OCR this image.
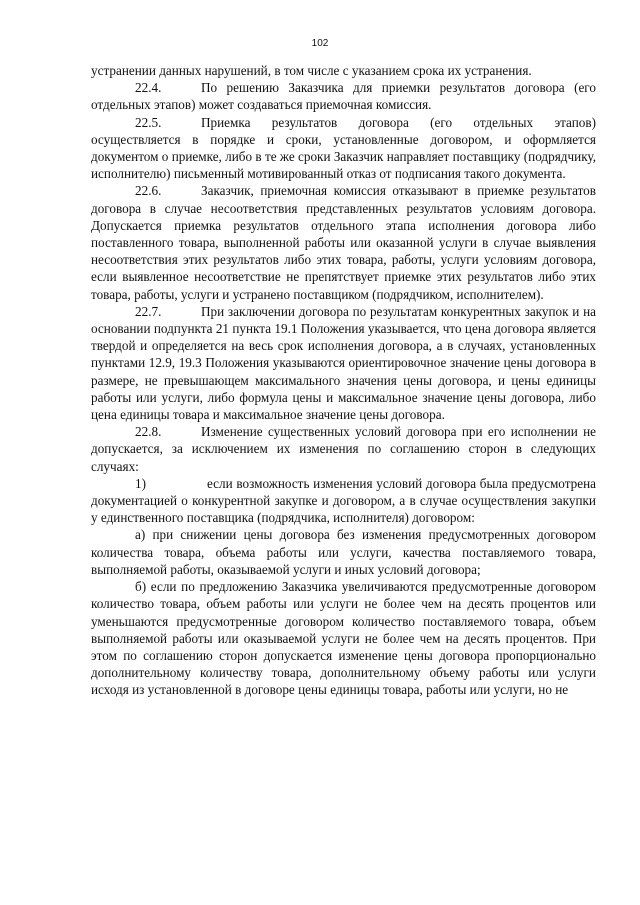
102

устранении данных нарушений, в том числе с указанием срока их устранения.

22.4.	По решению Заказчика для приемки результатов договора (его отдельных этапов) может создаваться приемочная комиссия.

22.5.	Приемка результатов договора (его отдельных этапов) осуществляется в порядке и сроки, установленные договором, и оформляется документом о приемке, либо в те же сроки Заказчик направляет поставщику (подрядчику, исполнителю) письменный мотивированный отказ от подписания такого документа.

22.6.	Заказчик, приемочная комиссия отказывают в приемке результатов договора в случае несоответствия представленных результатов условиям договора. Допускается приемка результатов отдельного этапа исполнения договора либо поставленного товара, выполненной работы или оказанной услуги в случае выявления несоответствия этих результатов либо этих товара, работы, услуги условиям договора, если выявленное несоответствие не препятствует приемке этих результатов либо этих товара, работы, услуги и устранено поставщиком (подрядчиком, исполнителем).

22.7.	При заключении договора по результатам конкурентных закупок и на основании подпункта 21 пункта 19.1 Положения указывается, что цена договора является твердой и определяется на весь срок исполнения договора, а в случаях, установленных пунктами 12.9, 19.3 Положения указываются ориентировочное значение цены договора в размере, не превышающем максимального значения цены договора, и цены единицы работы или услуги, либо формула цены и максимальное значение цены договора, либо цена единицы товара и максимальное значение цены договора.

22.8.	Изменение существенных условий договора при его исполнении не допускается, за исключением их изменения по соглашению сторон в следующих случаях:

1)	если возможность изменения условий договора была предусмотрена документацией о конкурентной закупке и договором, а в случае осуществления закупки у единственного поставщика (подрядчика, исполнителя) договором:

а) при снижении цены договора без изменения предусмотренных договором количества товара, объема работы или услуги, качества поставляемого товара, выполняемой работы, оказываемой услуги и иных условий договора;

б) если по предложению Заказчика увеличиваются предусмотренные договором количество товара, объем работы или услуги не более чем на десять процентов или уменьшаются предусмотренные договором количество поставляемого товара, объем выполняемой работы или оказываемой услуги не более чем на десять процентов. При этом по соглашению сторон допускается изменение цены договора пропорционально дополнительному количеству товара, дополнительному объему работы или услуги исходя из установленной в договоре цены единицы товара, работы или услуги, но не
